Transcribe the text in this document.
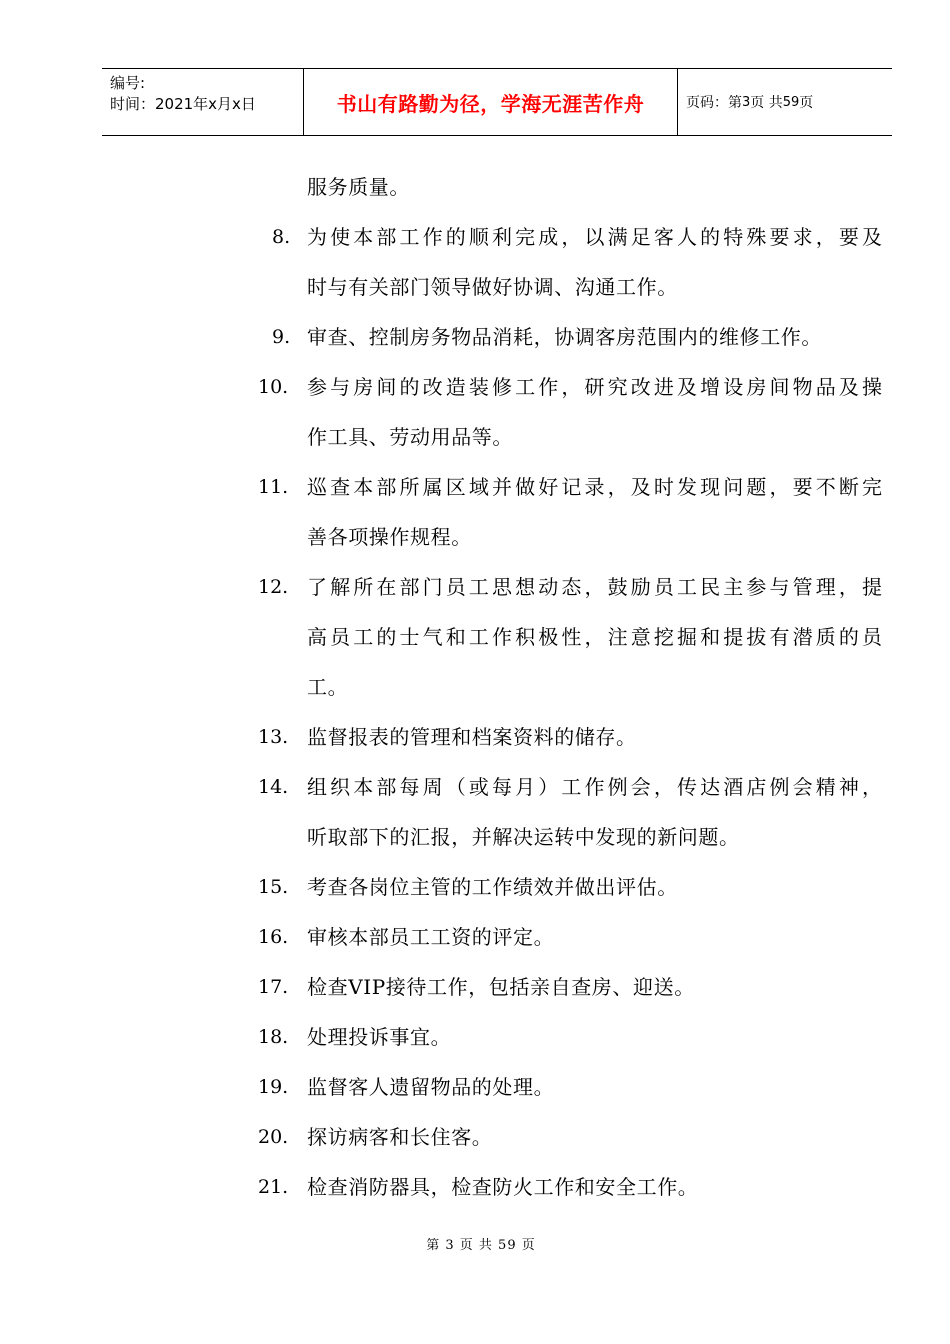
编号:
时间：2021年x月x日	书山有路勤为径，学海无涯苦作舟	页码：第 3 页 共 59 页
服务质量。
8. 为使本部工作的顺利完成，以满足客人的特殊要求，要及
时与有关部门领导做好协调、沟通工作。
9. 审查、控制房务物品消耗，协调客房范围内的维修工作。
10. 参与房间的改造装修工作，研究改进及增设房间物品及操
作工具、劳动用品等。
11. 巡查本部所属区域并做好记录，及时发现问题，要不断完
善各项操作规程。
12. 了解所在部门员工思想动态，鼓励员工民主参与管理，提
高员工的士气和工作积极性，注意挖掘和提拔有潜质的员
工。
13. 监督报表的管理和档案资料的储存。
14. 组织本部每周（或每月）工作例会，传达酒店例会精神，
听取部下的汇报，并解决运转中发现的新问题。
15. 考查各岗位主管的工作绩效并做出评估。
16. 审核本部员工工资的评定。
17. 检查VIP接待工作，包括亲自查房、迎送。
18. 处理投诉事宜。
19. 监督客人遗留物品的处理。
20. 探访病客和长住客。
21. 检查消防器具，检查防火工作和安全工作。
第 3 页 共 59 页
